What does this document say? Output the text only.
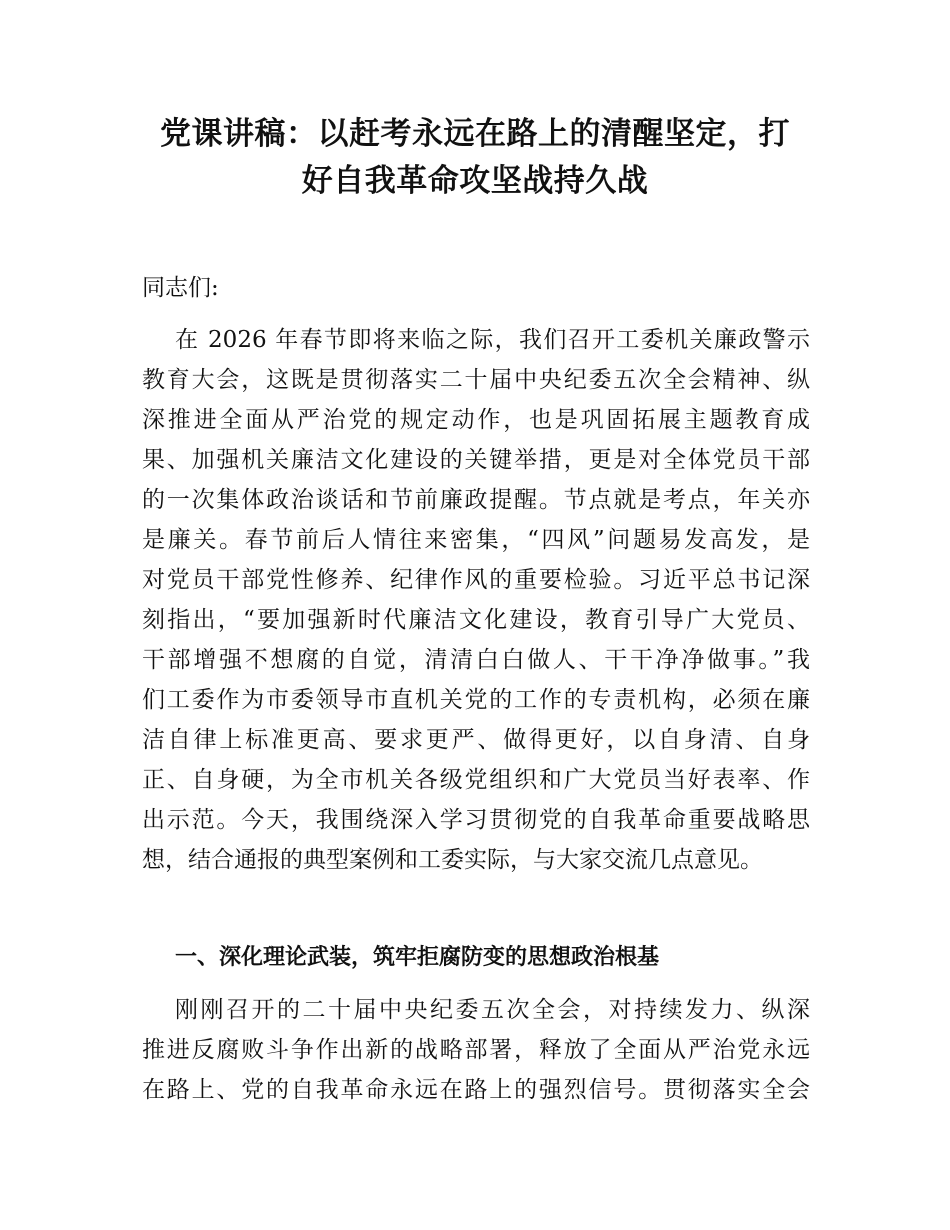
党课讲稿：以赶考永远在路上的清醒坚定，打
好自我革命攻坚战持久战

同志们:

在 2026 年春节即将来临之际，我们召开工委机关廉政警示
教育大会，这既是贯彻落实二十届中央纪委五次全会精神、纵
深推进全面从严治党的规定动作，也是巩固拓展主题教育成
果、加强机关廉洁文化建设的关键举措，更是对全体党员干部
的一次集体政治谈话和节前廉政提醒。节点就是考点，年关亦
是廉关。春节前后人情往来密集，“四风”问题易发高发，是
对党员干部党性修养、纪律作风的重要检验。习近平总书记深
刻指出，“要加强新时代廉洁文化建设，教育引导广大党员、
干部增强不想腐的自觉，清清白白做人、干干净净做事。”我
们工委作为市委领导市直机关党的工作的专责机构，必须在廉
洁自律上标准更高、要求更严、做得更好，以自身清、自身
正、自身硬，为全市机关各级党组织和广大党员当好表率、作
出示范。今天，我围绕深入学习贯彻党的自我革命重要战略思
想，结合通报的典型案例和工委实际，与大家交流几点意见。
一、深化理论武装，筑牢拒腐防变的思想政治根基
刚刚召开的二十届中央纪委五次全会，对持续发力、纵深
推进反腐败斗争作出新的战略部署，释放了全面从严治党永远
在路上、党的自我革命永远在路上的强烈信号。贯彻落实全会
